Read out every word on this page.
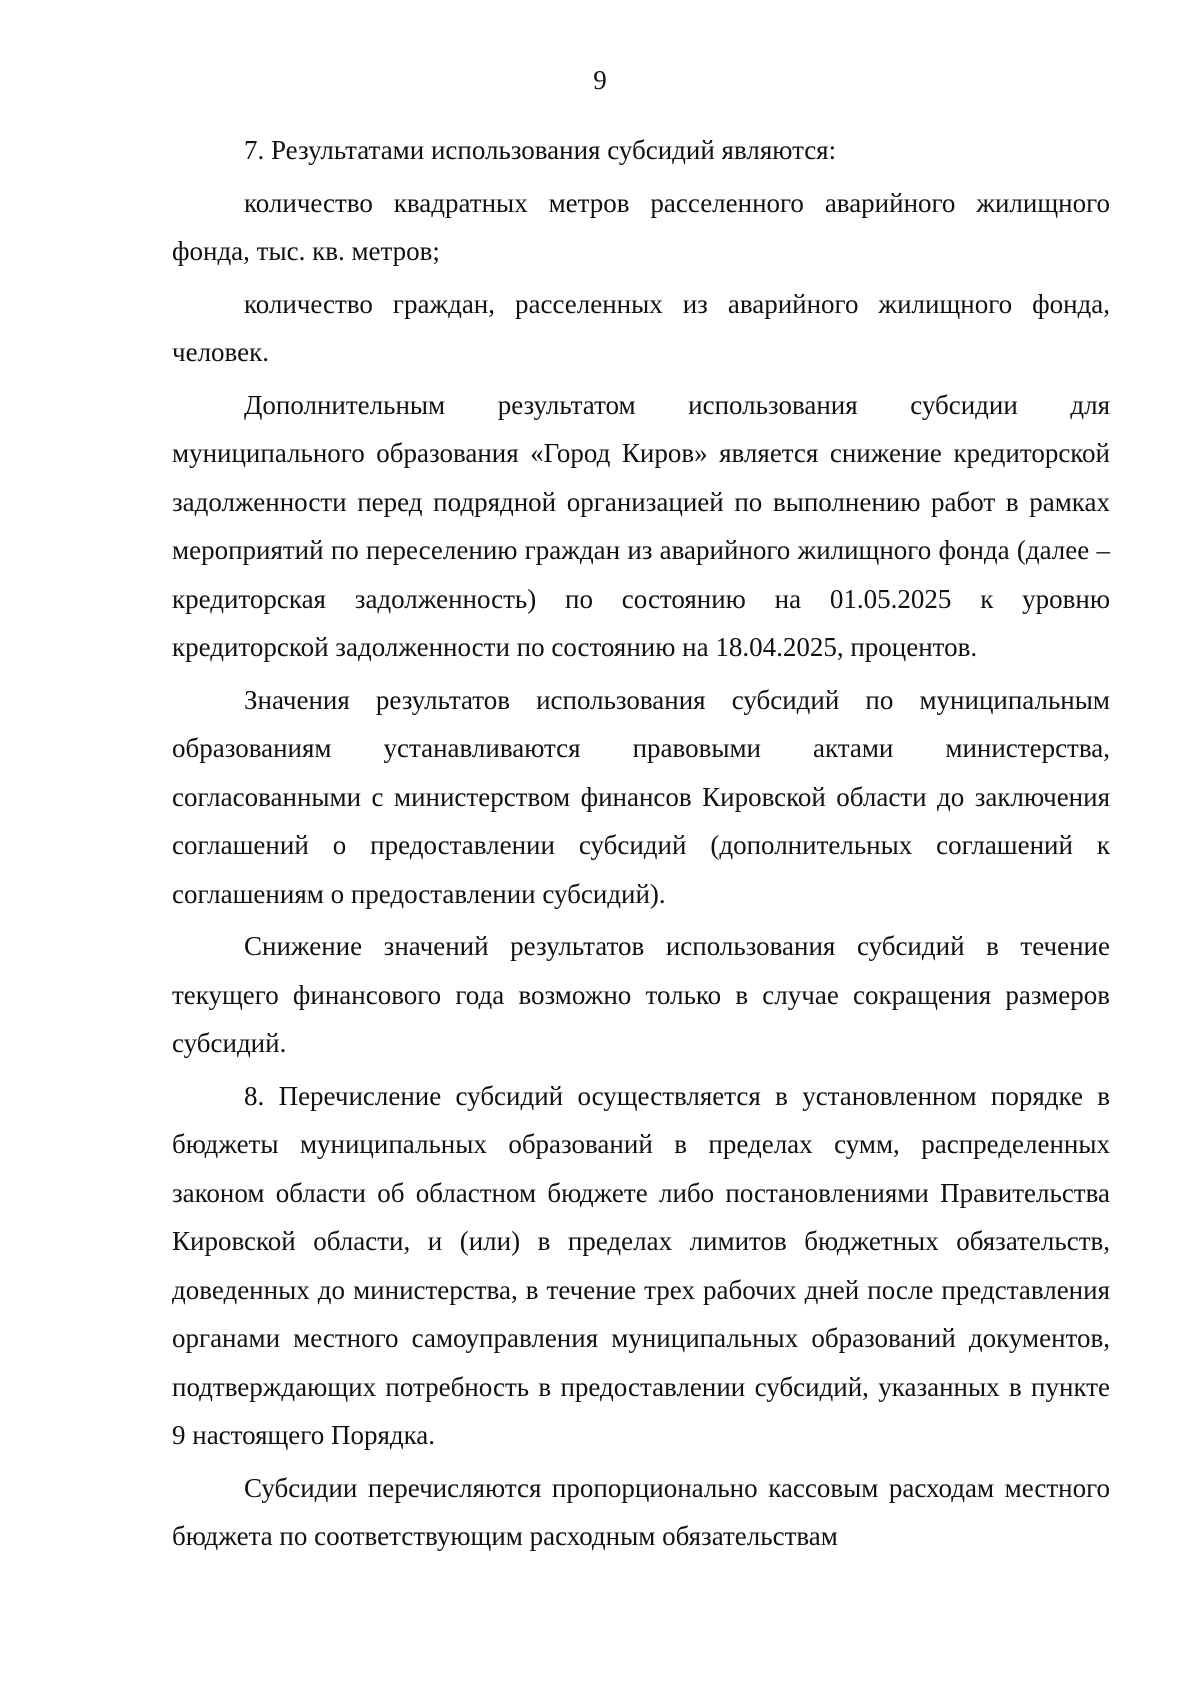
9

7. Результатами использования субсидий являются:

количество квадратных метров расселенного аварийного жилищного фонда, тыс. кв. метров;

количество граждан, расселенных из аварийного жилищного фонда, человек.

Дополнительным результатом использования субсидии для муниципального образования «Город Киров» является снижение кредиторской задолженности перед подрядной организацией по выполнению работ в рамках мероприятий по переселению граждан из аварийного жилищного фонда (далее – кредиторская задолженность) по состоянию на 01.05.2025 к уровню кредиторской задолженности по состоянию на 18.04.2025, процентов.

Значения результатов использования субсидий по муниципальным образованиям устанавливаются правовыми актами министерства, согласованными с министерством финансов Кировской области до заключения соглашений о предоставлении субсидий (дополнительных соглашений к соглашениям о предоставлении субсидий).

Снижение значений результатов использования субсидий в течение текущего финансового года возможно только в случае сокращения размеров субсидий.

8. Перечисление субсидий осуществляется в установленном порядке в бюджеты муниципальных образований в пределах сумм, распределенных законом области об областном бюджете либо постановлениями Правительства Кировской области, и (или) в пределах лимитов бюджетных обязательств, доведенных до министерства, в течение трех рабочих дней после представления органами местного самоуправления муниципальных образований документов, подтверждающих потребность в предоставлении субсидий, указанных в пункте 9 настоящего Порядка.

Субсидии перечисляются пропорционально кассовым расходам местного бюджета по соответствующим расходным обязательствам
